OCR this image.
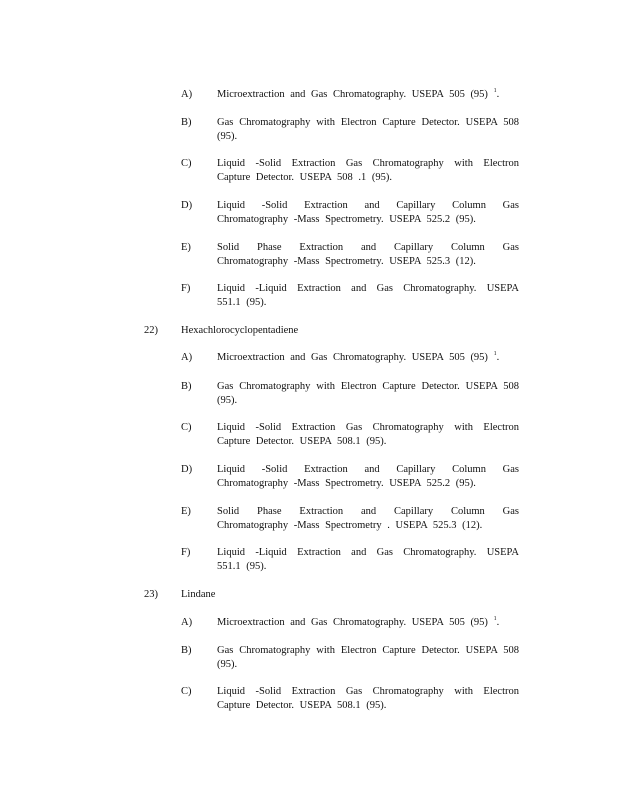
A)	Microextraction and Gas Chromatography. USEPA 505 (95) $^1$.
B)	Gas Chromatography with Electron Capture Detector. USEPA 508 (95).
C)	Liquid -Solid Extraction Gas Chromatography with Electron Capture Detector. USEPA 508 .1 (95).
D)	Liquid -Solid Extraction and Capillary Column Gas Chromatography -Mass Spectrometry. USEPA 525.2 (95).
E)	Solid Phase Extraction and Capillary Column Gas Chromatography -Mass Spectrometry. USEPA 525.3 (12).
F)	Liquid -Liquid Extraction and Gas Chromatography. USEPA 551.1 (95).
22) Hexachlorocyclopentadiene
A)	Microextraction and Gas Chromatography. USEPA 505 (95) $^1$.
B)	Gas Chromatography with Electron Capture Detector. USEPA 508 (95).
C)	Liquid -Solid Extraction Gas Chromatography with Electron Capture Detector. USEPA 508.1 (95).
D)	Liquid -Solid Extraction and Capillary Column Gas Chromatography -Mass Spectrometry. USEPA 525.2 (95).
E)	Solid Phase Extraction and Capillary Column Gas Chromatography -Mass Spectrometry . USEPA 525.3 (12).
F)	Liquid -Liquid Extraction and Gas Chromatography. USEPA 551.1 (95).
23) Lindane
A)	Microextraction and Gas Chromatography. USEPA 505 (95) $^1$.
B)	Gas Chromatography with Electron Capture Detector. USEPA 508 (95).
C)	Liquid -Solid Extraction Gas Chromatography with Electron Capture Detector. USEPA 508.1 (95).
